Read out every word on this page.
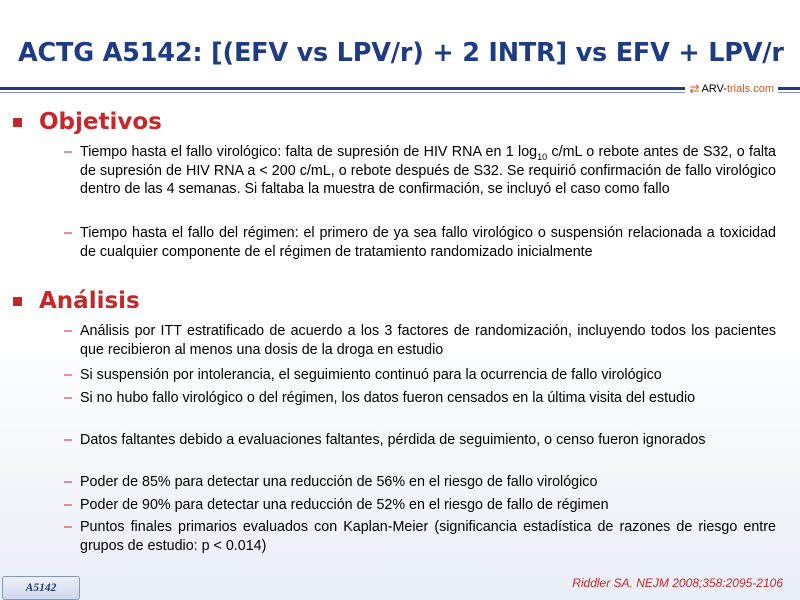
ACTG A5142: [(EFV vs LPV/r) + 2 INTR] vs EFV + LPV/r
⇄ ARV- trials.com
Objetivos
– Tiempo hasta el fallo virológico: falta de supresión de HIV RNA en 1 $\log_{10} c/mL$ o rebote antes de S32, o falta de supresión de HIV RNA a < 200 c/mL, o rebote después de S32. Se requirió confirmación de fallo virológico dentro de las 4 semanas. Si faltaba la muestra de confirmación, se incluyó el caso como fallo
– Tiempo hasta el fallo del régimen: el primero de ya sea fallo virológico o suspensión relacionada a toxicidad de cualquier componente de el régimen de tratamiento randomizado inicialmente
Análisis
– Análisis por ITT estratificado de acuerdo a los 3 factores de randomización, incluyendo todos los pacientes que recibieron al menos una dosis de la droga en estudio
– Si suspensión por intolerancia, el seguimiento continuó para la ocurrencia de fallo virológico
– Si no hubo fallo virológico o del régimen, los datos fueron censados en la última visita del estudio
– Datos faltantes debido a evaluaciones faltantes, pérdida de seguimiento, o censo fueron ignorados
– Poder de 85% para detectar una reducción de 56% en el riesgo de fallo virológico
– Poder de 90% para detectar una reducción de 52% en el riesgo de fallo de régimen
– Puntos finales primarios evaluados con Kaplan-Meier (significancia estadística de razones de riesgo entre grupos de estudio: p < 0.014)
A5142	Riddler SA. NEJM 2008;358:2095-2106
